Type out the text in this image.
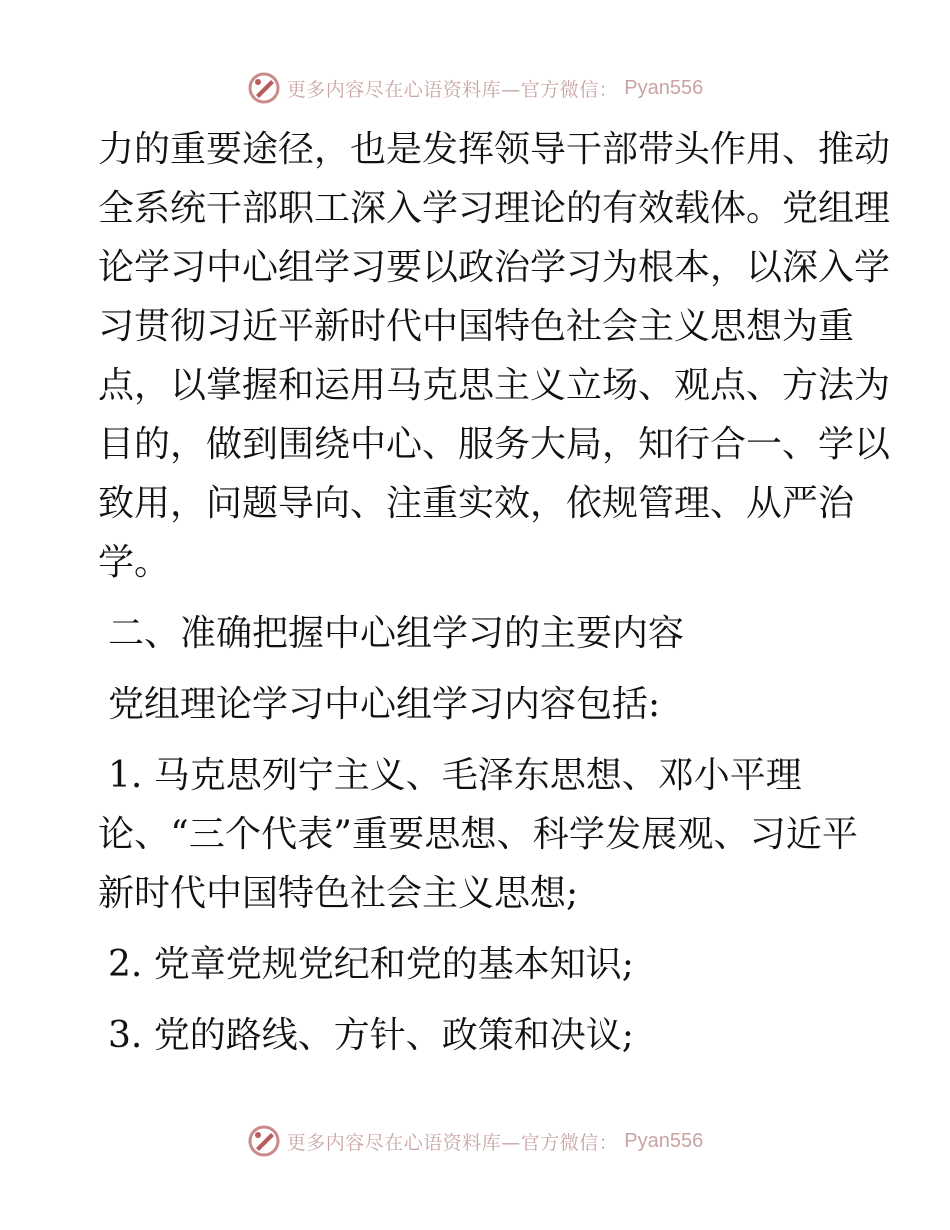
更多内容尽在心语资料库—官方微信： Pyan556
力的重要途径，也是发挥领导干部带头作用、推动
全系统干部职工深入学习理论的有效载体。党组理
论学习中心组学习要以政治学习为根本，以深入学
习贯彻习近平新时代中国特色社会主义思想为重
点，以掌握和运用马克思主义立场、观点、方法为
目的，做到围绕中心、服务大局，知行合一、学以
致用，问题导向、注重实效，依规管理、从严治
学。
二、准确把握中心组学习的主要内容
党组理论学习中心组学习内容包括:
1. 马克思列宁主义、毛泽东思想、邓小平理
论、“三个代表”重要思想、科学发展观、习近平
新时代中国特色社会主义思想;
2. 党章党规党纪和党的基本知识;
3. 党的路线、方针、政策和决议;
更多内容尽在心语资料库—官方微信： Pyan556
